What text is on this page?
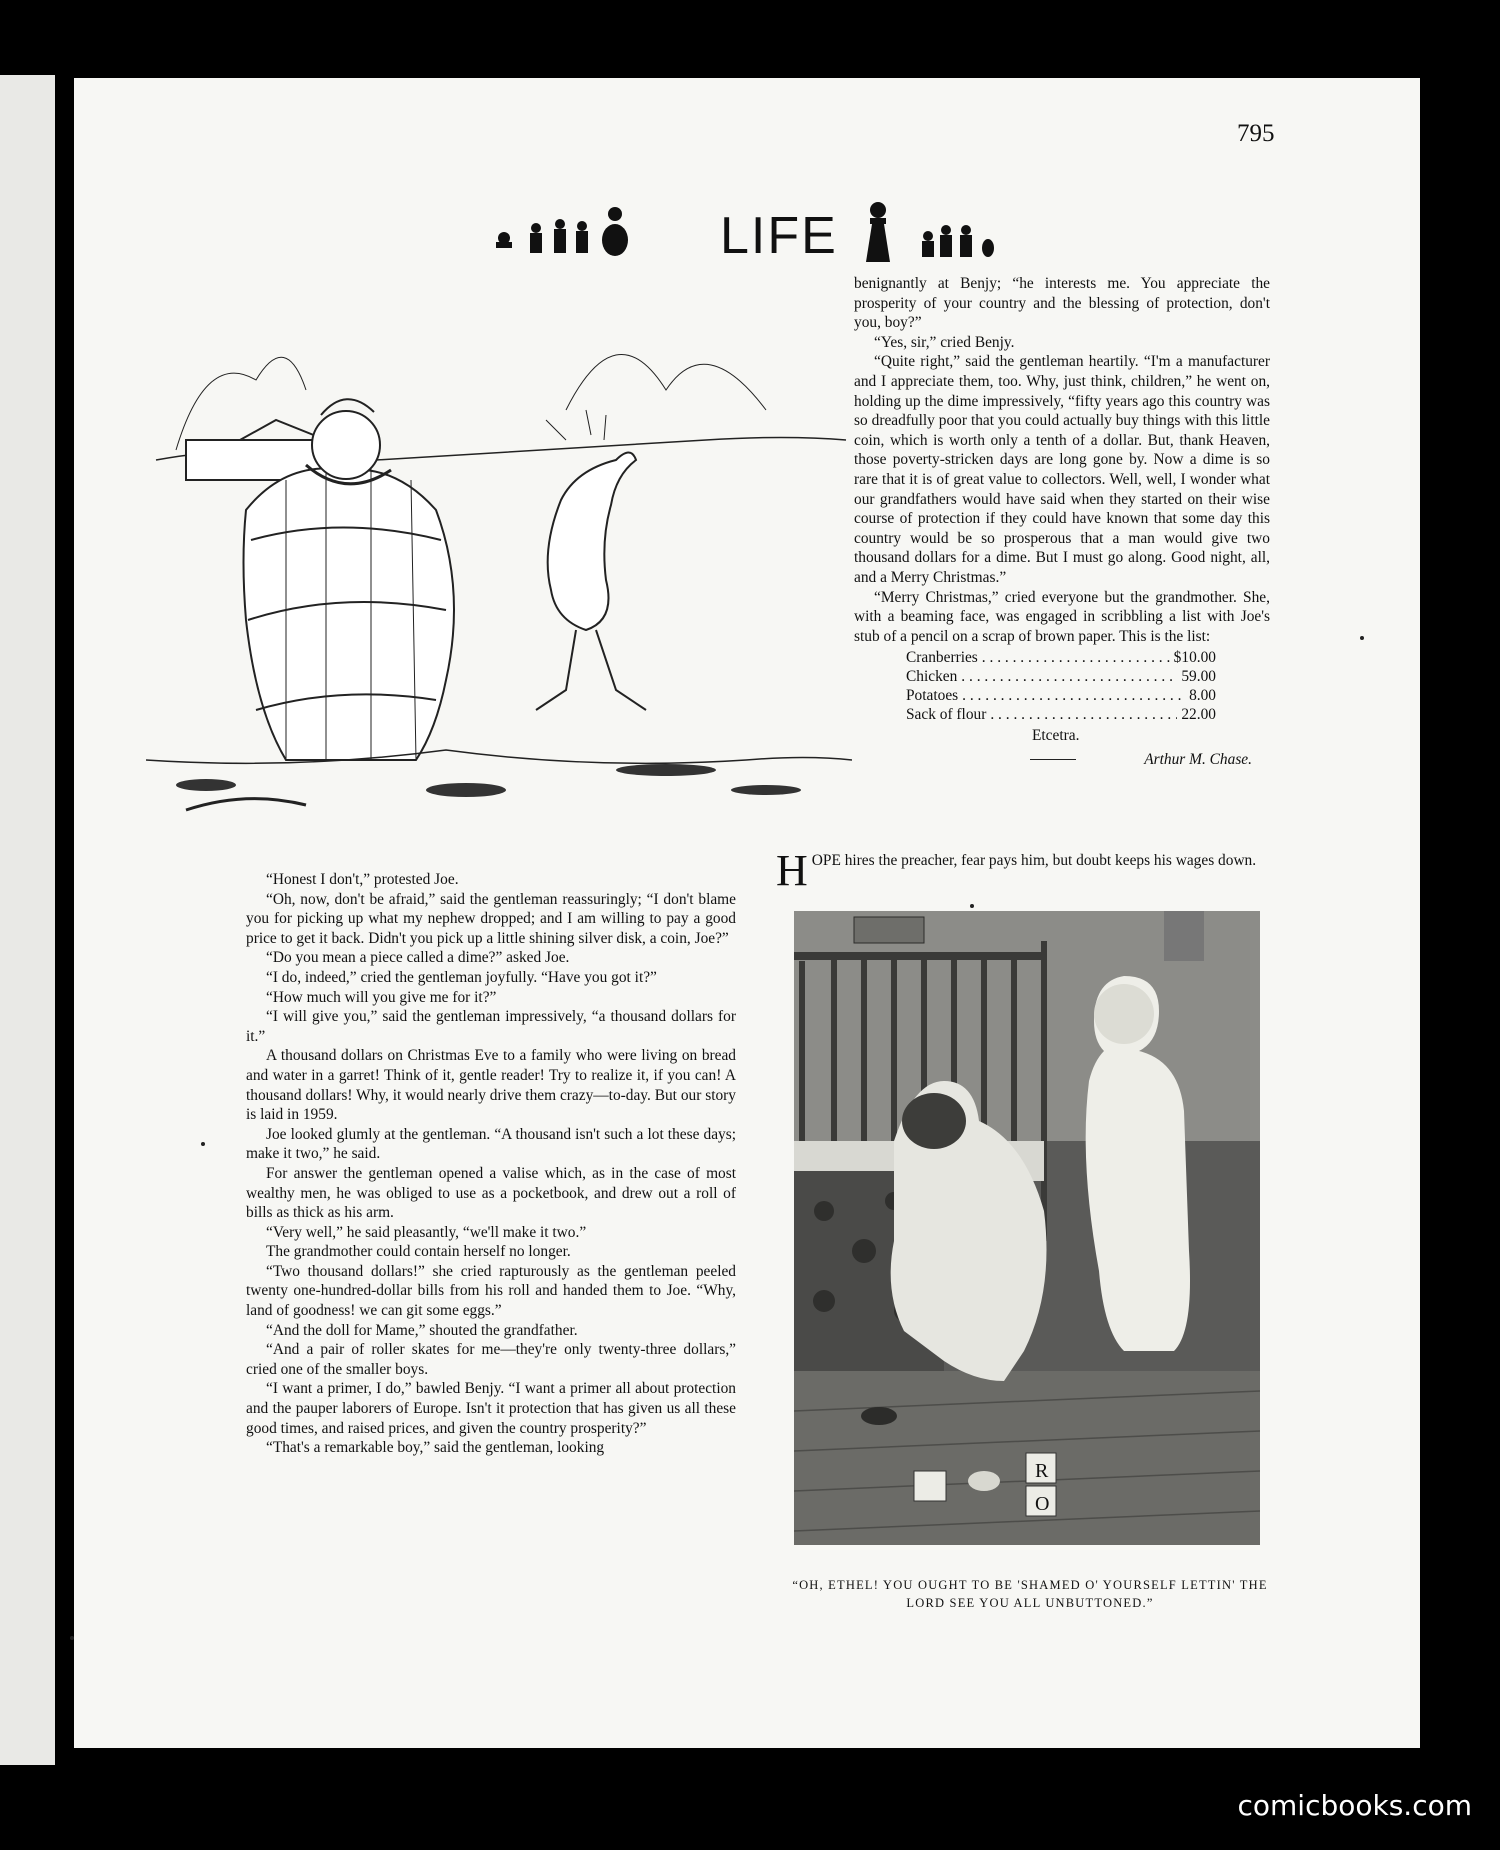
795
LIFE

benignantly at Benjy; “he interests me. You appreciate the prosperity of your country and the blessing of protection, don't you, boy?”

“Yes, sir,” cried Benjy.

“Quite right,” said the gentleman heartily. “I'm a manufacturer and I appreciate them, too. Why, just think, children,” he went on, holding up the dime impressively, “fifty years ago this country was so dreadfully poor that you could actually buy things with this little coin, which is worth only a tenth of a dollar. But, thank Heaven, those poverty-stricken days are long gone by. Now a dime is so rare that it is of great value to collectors. Well, well, I wonder what our grandfathers would have said when they started on their wise course of protection if they could have known that some day this country would be so prosperous that a man would give two thousand dollars for a dime. But I must go along. Good night, all, and a Merry Christmas.”

“Merry Christmas,” cried everyone but the grandmother. She, with a beaming face, was engaged in scribbling a list with Joe's stub of a pencil on a scrap of brown paper. This is the list:

Cranberries . . .	$10.00
Chicken . . .	59.00
Potatoes . . .	8.00
Sack of flour . . .	22.00
Etcetra.
Arthur M. Chase.
HOPE hires the preacher, fear pays him, but doubt keeps his wages down.

“Honest I don't,” protested Joe.

“Oh, now, don't be afraid,” said the gentleman reassuringly; “I don't blame you for picking up what my nephew dropped; and I am willing to pay a good price to get it back. Didn't you pick up a little shining silver disk, a coin, Joe?”

“Do you mean a piece called a dime?” asked Joe.

“I do, indeed,” cried the gentleman joyfully. “Have you got it?”

“How much will you give me for it?”

“I will give you,” said the gentleman impressively, “a thousand dollars for it.”

A thousand dollars on Christmas Eve to a family who were living on bread and water in a garret! Think of it, gentle reader! Try to realize it, if you can! A thousand dollars! Why, it would nearly drive them crazy—to-day. But our story is laid in 1959.

Joe looked glumly at the gentleman. “A thousand isn't such a lot these days; make it two,” he said.

For answer the gentleman opened a valise which, as in the case of most wealthy men, he was obliged to use as a pocketbook, and drew out a roll of bills as thick as his arm.

“Very well,” he said pleasantly, “we'll make it two.”

The grandmother could contain herself no longer.

“Two thousand dollars!” she cried rapturously as the gentleman peeled twenty one-hundred-dollar bills from his roll and handed them to Joe. “Why, land of goodness! we can git some eggs.”

“And the doll for Mame,” shouted the grandfather.

“And a pair of roller skates for me—they're only twenty-three dollars,” cried one of the smaller boys.

“I want a primer, I do,” bawled Benjy. “I want a primer all about protection and the pauper laborers of Europe. Isn't it protection that has given us all these good times, and raised prices, and given the country prosperity?”

“That's a remarkable boy,” said the gentleman, looking

R
O
“OH, ETHEL! YOU OUGHT TO BE 'SHAMED O' YOURSELF LETTIN' THE LORD SEE YOU ALL UNBUTTONED.”
comicbooks.com
